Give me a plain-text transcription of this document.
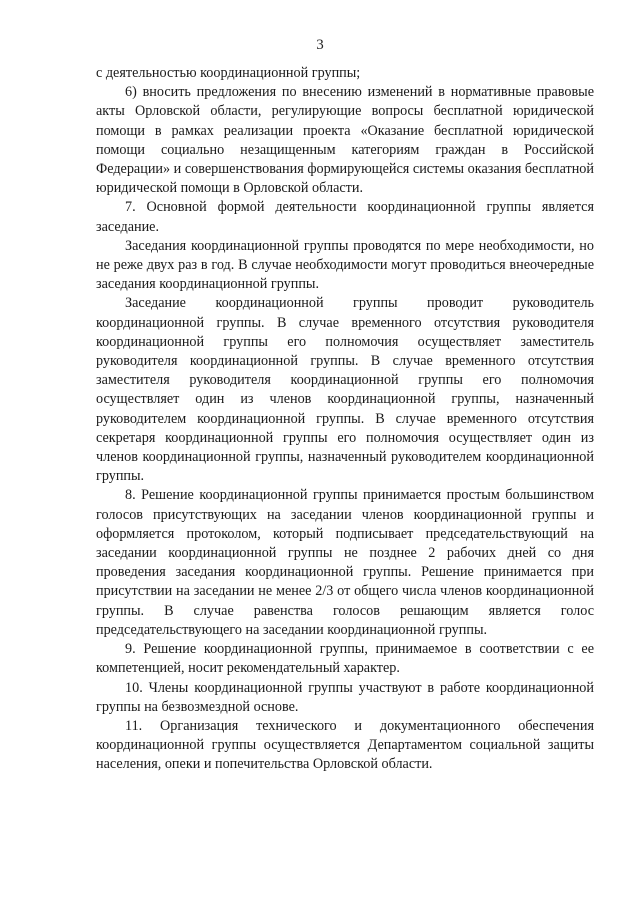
3

с деятельностью координационной группы;

6) вносить предложения по внесению изменений в нормативные правовые акты Орловской области, регулирующие вопросы бесплатной юридической помощи в рамках реализации проекта «Оказание бесплатной юридической помощи социально незащищенным категориям граждан в Российской Федерации» и совершенствования формирующейся системы оказания бесплатной юридической помощи в Орловской области.

7. Основной формой деятельности координационной группы является заседание.

Заседания координационной группы проводятся по мере необходимости, но не реже двух раз в год. В случае необходимости могут проводиться внеочередные заседания координационной группы.

Заседание координационной группы проводит руководитель координационной группы. В случае временного отсутствия руководителя координационной группы его полномочия осуществляет заместитель руководителя координационной группы. В случае временного отсутствия заместителя руководителя координационной группы его полномочия осуществляет один из членов координационной группы, назначенный руководителем координационной группы. В случае временного отсутствия секретаря координационной группы его полномочия осуществляет один из членов координационной группы, назначенный руководителем координационной группы.

8. Решение координационной группы принимается простым большинством голосов присутствующих на заседании членов координационной группы и оформляется протоколом, который подписывает председательствующий на заседании координационной группы не позднее 2 рабочих дней со дня проведения заседания координационной группы. Решение принимается при присутствии на заседании не менее 2/3 от общего числа членов координационной группы. В случае равенства голосов решающим является голос председательствующего на заседании координационной группы.

9. Решение координационной группы, принимаемое в соответствии с ее компетенцией, носит рекомендательный характер.

10. Члены координационной группы участвуют в работе координационной группы на безвозмездной основе.

11. Организация технического и документационного обеспечения координационной группы осуществляется Департаментом социальной защиты населения, опеки и попечительства Орловской области.
